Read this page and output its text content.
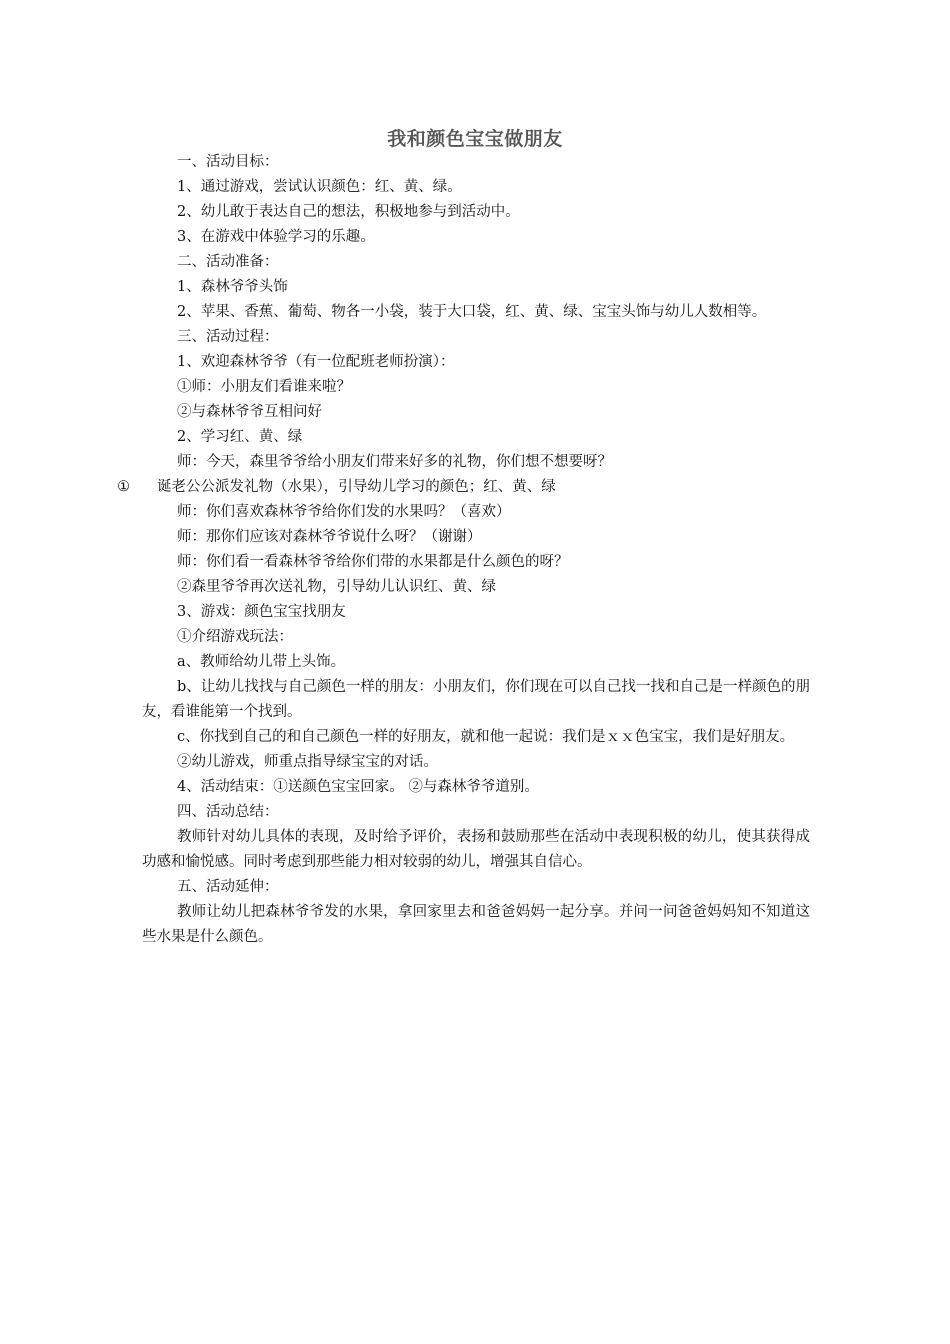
我和颜色宝宝做朋友

一、活动目标：

1、通过游戏，尝试认识颜色：红、黄、绿。

2、幼儿敢于表达自己的想法，积极地参与到活动中。

3、在游戏中体验学习的乐趣。

二、活动准备：

1、森林爷爷头饰

2、苹果、香蕉、葡萄、物各一小袋，装于大口袋，红、黄、绿、宝宝头饰与幼儿人数相等。

三、活动过程：

1、欢迎森林爷爷（有一位配班老师扮演）：

①师：小朋友们看谁来啦？

②与森林爷爷互相问好

2、学习红、黄、绿

师：今天，森里爷爷给小朋友们带来好多的礼物，你们想不想要呀？

① 诞老公公派发礼物（水果），引导幼儿学习的颜色；红、黄、绿

师：你们喜欢森林爷爷给你们发的水果吗？（喜欢）

师：那你们应该对森林爷爷说什么呀？（谢谢）

师：你们看一看森林爷爷给你们带的水果都是什么颜色的呀？

②森里爷爷再次送礼物，引导幼儿认识红、黄、绿

3、游戏：颜色宝宝找朋友

①介绍游戏玩法：

a、教师给幼儿带上头饰。

b、让幼儿找找与自己颜色一样的朋友：小朋友们，你们现在可以自己找一找和自己是一样颜色的朋友，看谁能第一个找到。

c、你找到自己的和自己颜色一样的好朋友，就和他一起说：我们是ｘｘ色宝宝，我们是好朋友。

②幼儿游戏，师重点指导绿宝宝的对话。

4、活动结束：①送颜色宝宝回家。 ②与森林爷爷道别。

四、活动总结：

教师针对幼儿具体的表现，及时给予评价，表扬和鼓励那些在活动中表现积极的幼儿，使其获得成功感和愉悦感。同时考虑到那些能力相对较弱的幼儿，增强其自信心。

五、活动延伸：

教师让幼儿把森林爷爷发的水果，拿回家里去和爸爸妈妈一起分享。并问一问爸爸妈妈知不知道这些水果是什么颜色。
